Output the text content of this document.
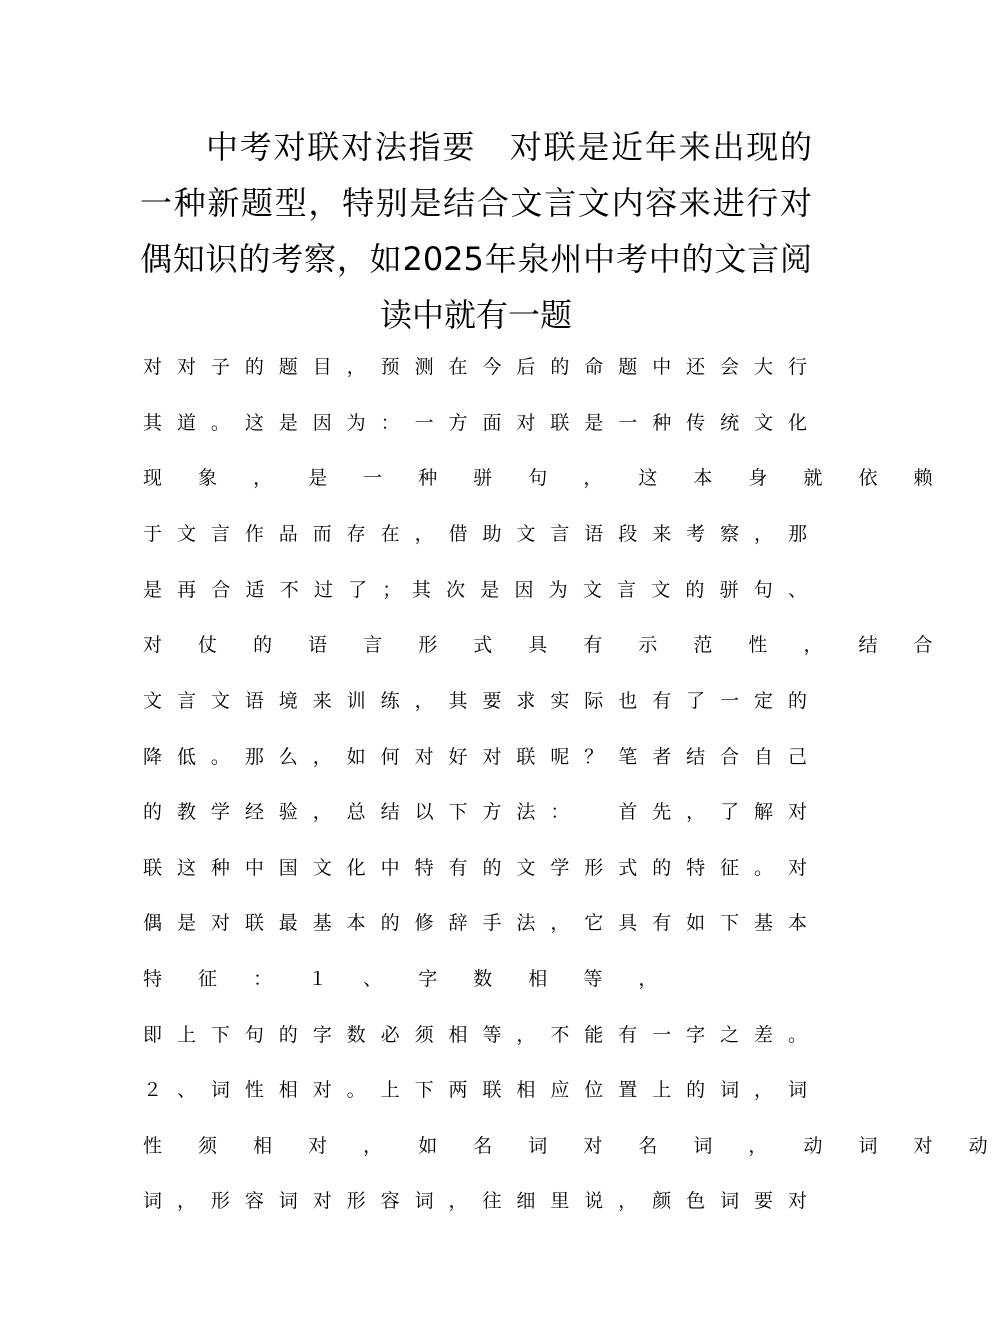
中考对联对法指要　对联是近年来出现的
一种新题型，特别是结合文言文内容来进行对
偶知识的考察，如2025年泉州中考中的文言阅
读中就有一题
对 对 子 的 题 目 ， 预 测 在 今 后 的 命 题 中 还 会 大 行
其 道 。 这 是 因 为 ： 一 方 面 对 联 是 一 种 传 统 文 化
现 象 ， 是 一 种 骈 句 ， 这 本 身 就 依 赖
于 文 言 作 品 而 存 在 ， 借 助 文 言 语 段 来 考 察 ， 那
是 再 合 适 不 过 了 ； 其 次 是 因 为 文 言 文 的 骈 句 、
对 仗 的 语 言 形 式 具 有 示 范 性 ， 结 合
文 言 文 语 境 来 训 练 ， 其 要 求 实 际 也 有 了 一 定 的
降 低 。 那 么 ， 如 何 对 好 对 联 呢 ？ 笔 者 结 合 自 己
的 教 学 经 验 ， 总 结 以 下 方 法 ： 　 首 先 ， 了 解 对
联 这 种 中 国 文 化 中 特 有 的 文 学 形 式 的 特 征 。 对
偶 是 对 联 最 基 本 的 修 辞 手 法 ， 它 具 有 如 下 基 本
特 征 ： １ 、 字 数 相 等 ，
即 上 下 句 的 字 数 必 须 相 等 ， 不 能 有 一 字 之 差 。
２ 、 词 性 相 对 。 上 下 两 联 相 应 位 置 上 的 词 ， 词
性 须 相 对 ， 如 名 词 对 名 词 ， 动 词 对 动
词 ， 形 容 词 对 形 容 词 ， 往 细 里 说 ， 颜 色 词 要 对
